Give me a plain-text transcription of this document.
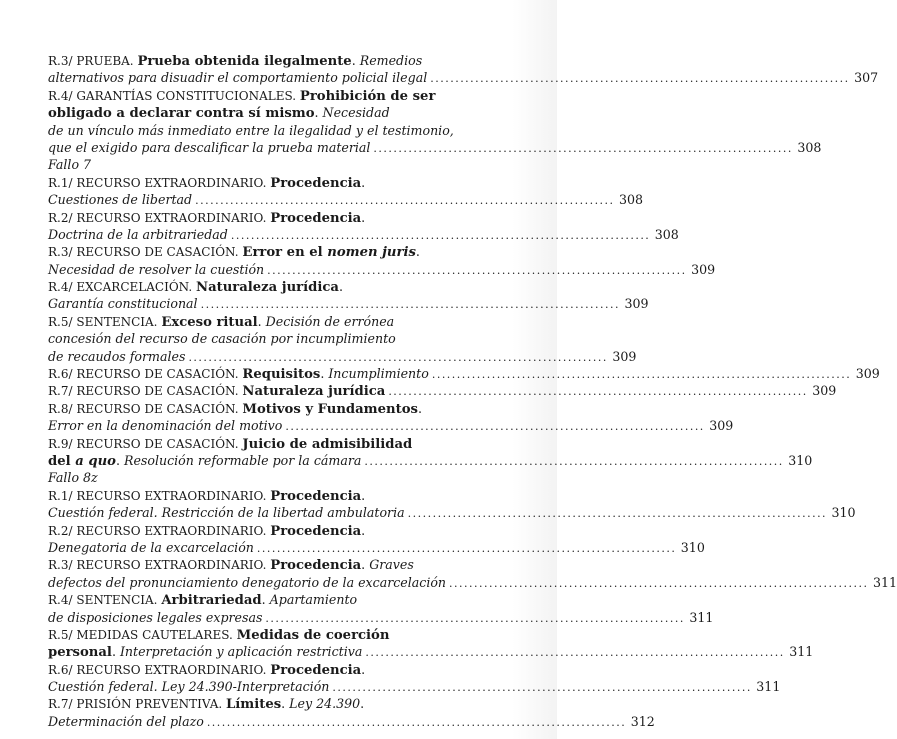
R.3/ PRUEBA. Prueba obtenida ilegalmente. Remedios
alternativos para disuadir el comportamiento policial ilegal . . .	307
R.4/ GARANTÍAS CONSTITUCIONALES. Prohibición de ser
obligado a declarar contra sí mismo. Necesidad
de un vínculo más inmediato entre la ilegalidad y el testimonio,
que el exigido para descalificar la prueba material . . .	308
Fallo 7
R.1/ RECURSO EXTRAORDINARIO. Procedencia.
Cuestiones de libertad . . .	308
R.2/ RECURSO EXTRAORDINARIO. Procedencia.
Doctrina de la arbitrariedad . . .	308
R.3/ RECURSO DE CASACIÓN. Error en el nomen juris.
Necesidad de resolver la cuestión . . .	309
R.4/ EXCARCELACIÓN. Naturaleza jurídica.
Garantía constitucional . . .	309
R.5/ SENTENCIA. Exceso ritual. Decisión de errónea
concesión del recurso de casación por incumplimiento
de recaudos formales . . .	309
R.6/ RECURSO DE CASACIÓN. Requisitos. Incumplimiento . . .	309
R.7/ RECURSO DE CASACIÓN. Naturaleza jurídica . . .	309
R.8/ RECURSO DE CASACIÓN. Motivos y Fundamentos.
Error en la denominación del motivo . . .	309
R.9/ RECURSO DE CASACIÓN. Juicio de admisibilidad
del a quo. Resolución reformable por la cámara . . .	310
Fallo 8z
R.1/ RECURSO EXTRAORDINARIO. Procedencia.
Cuestión federal. Restricción de la libertad ambulatoria . . .	310
R.2/ RECURSO EXTRAORDINARIO. Procedencia.
Denegatoria de la excarcelación . . .	310
R.3/ RECURSO EXTRAORDINARIO. Procedencia. Graves
defectos del pronunciamiento denegatorio de la excarcelación . . .	311
R.4/ SENTENCIA. Arbitrariedad. Apartamiento
de disposiciones legales expresas . . .	311
R.5/ MEDIDAS CAUTELARES. Medidas de coerción
personal. Interpretación y aplicación restrictiva . . .	311
R.6/ RECURSO EXTRAORDINARIO. Procedencia.
Cuestión federal. Ley 24.390-Interpretación . . .	311
R.7/ PRISIÓN PREVENTIVA. Límites. Ley 24.390.
Determinación del plazo . . .	312
